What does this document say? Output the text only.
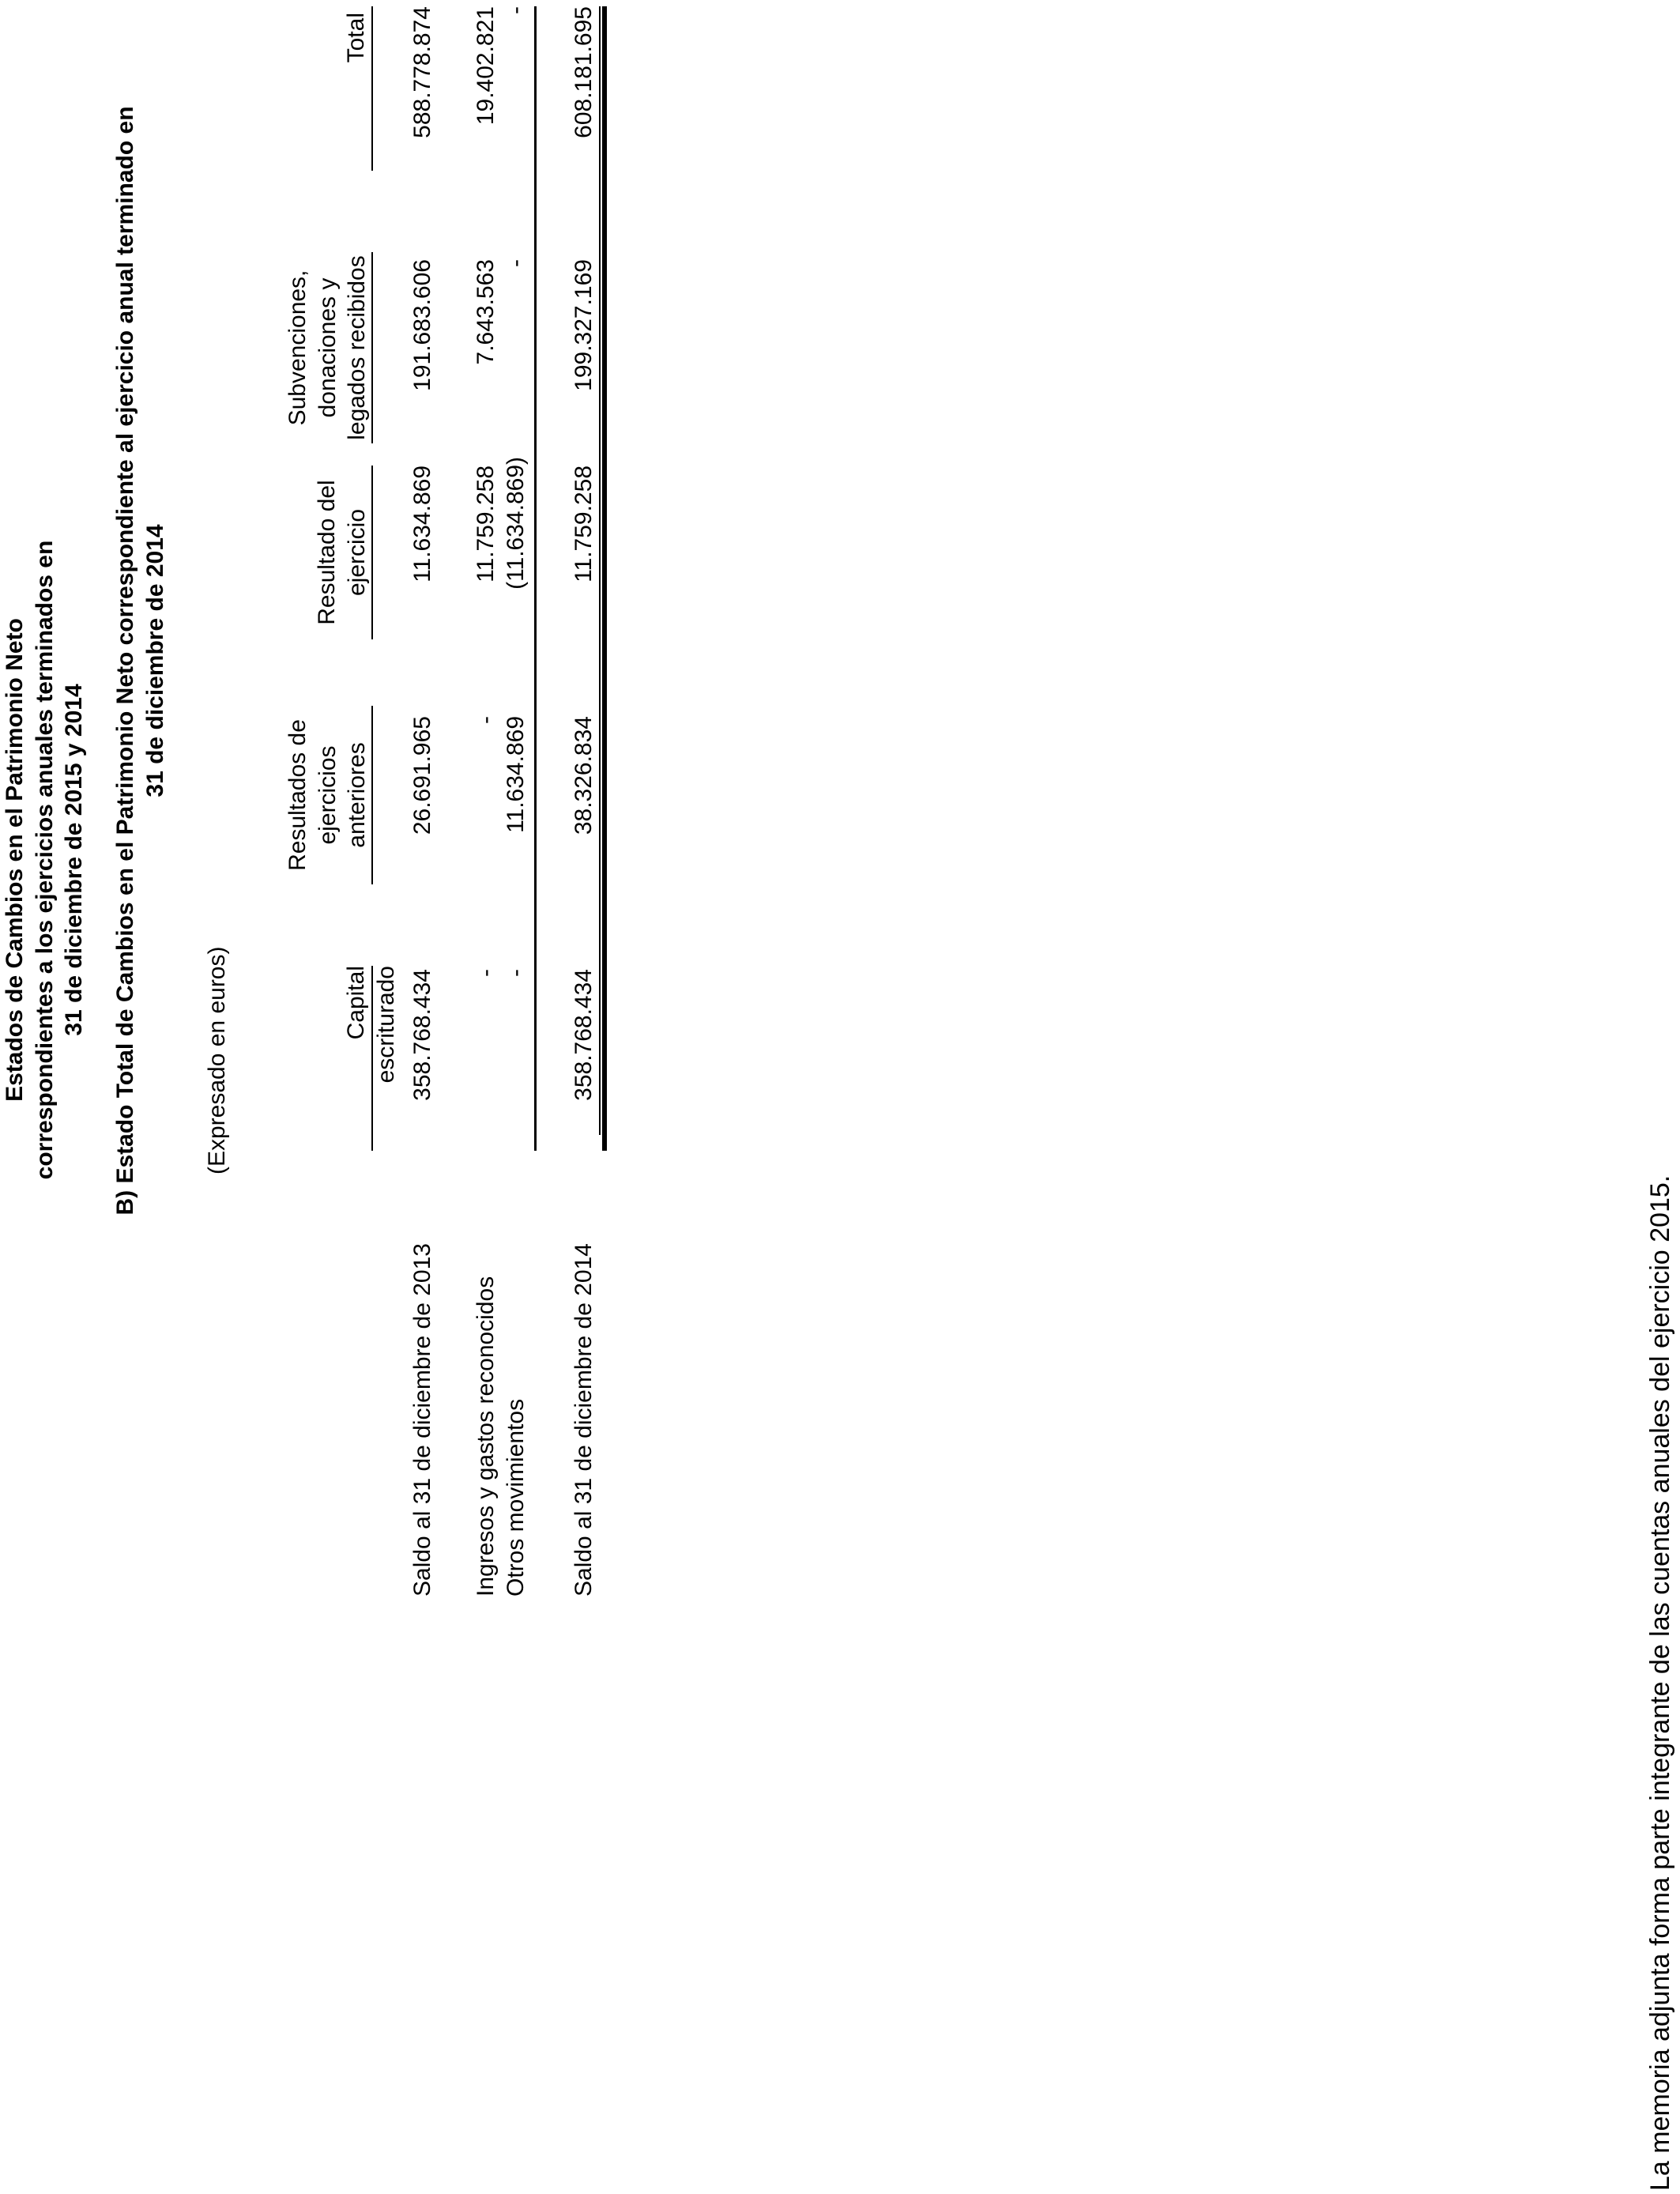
Estados de Cambios en el Patrimonio Neto correspondientes a los ejercicios anuales terminados en 31 de diciembre de 2015 y 2014 B) Estado Total de Cambios en el Patrimonio Neto correspondiente al ejercicio anual terminado en 31 de diciembre de 2014
(Expresado en euros)	Capital escriturado
Resultados de ejercicios anteriores
Resultado del ejercicio
Subvenciones, donaciones y legados recibidos
Total
Saldo al 31 de diciembre de 2013
358.768.434
26.691.965
11.634.869
191.683.606
588.778.874
Ingresos y gastos reconocidos
-
-
11.759.258
7.643.563
19.402.821
Otros movimientos
-
11.634.869
(11.634.869)
-
-
Saldo al 31 de diciembre de 2014
358.768.434
38.326.834
11.759.258
199.327.169
608.181.695
La memoria adjunta forma parte integrante de las cuentas anuales del ejercicio 2015.
